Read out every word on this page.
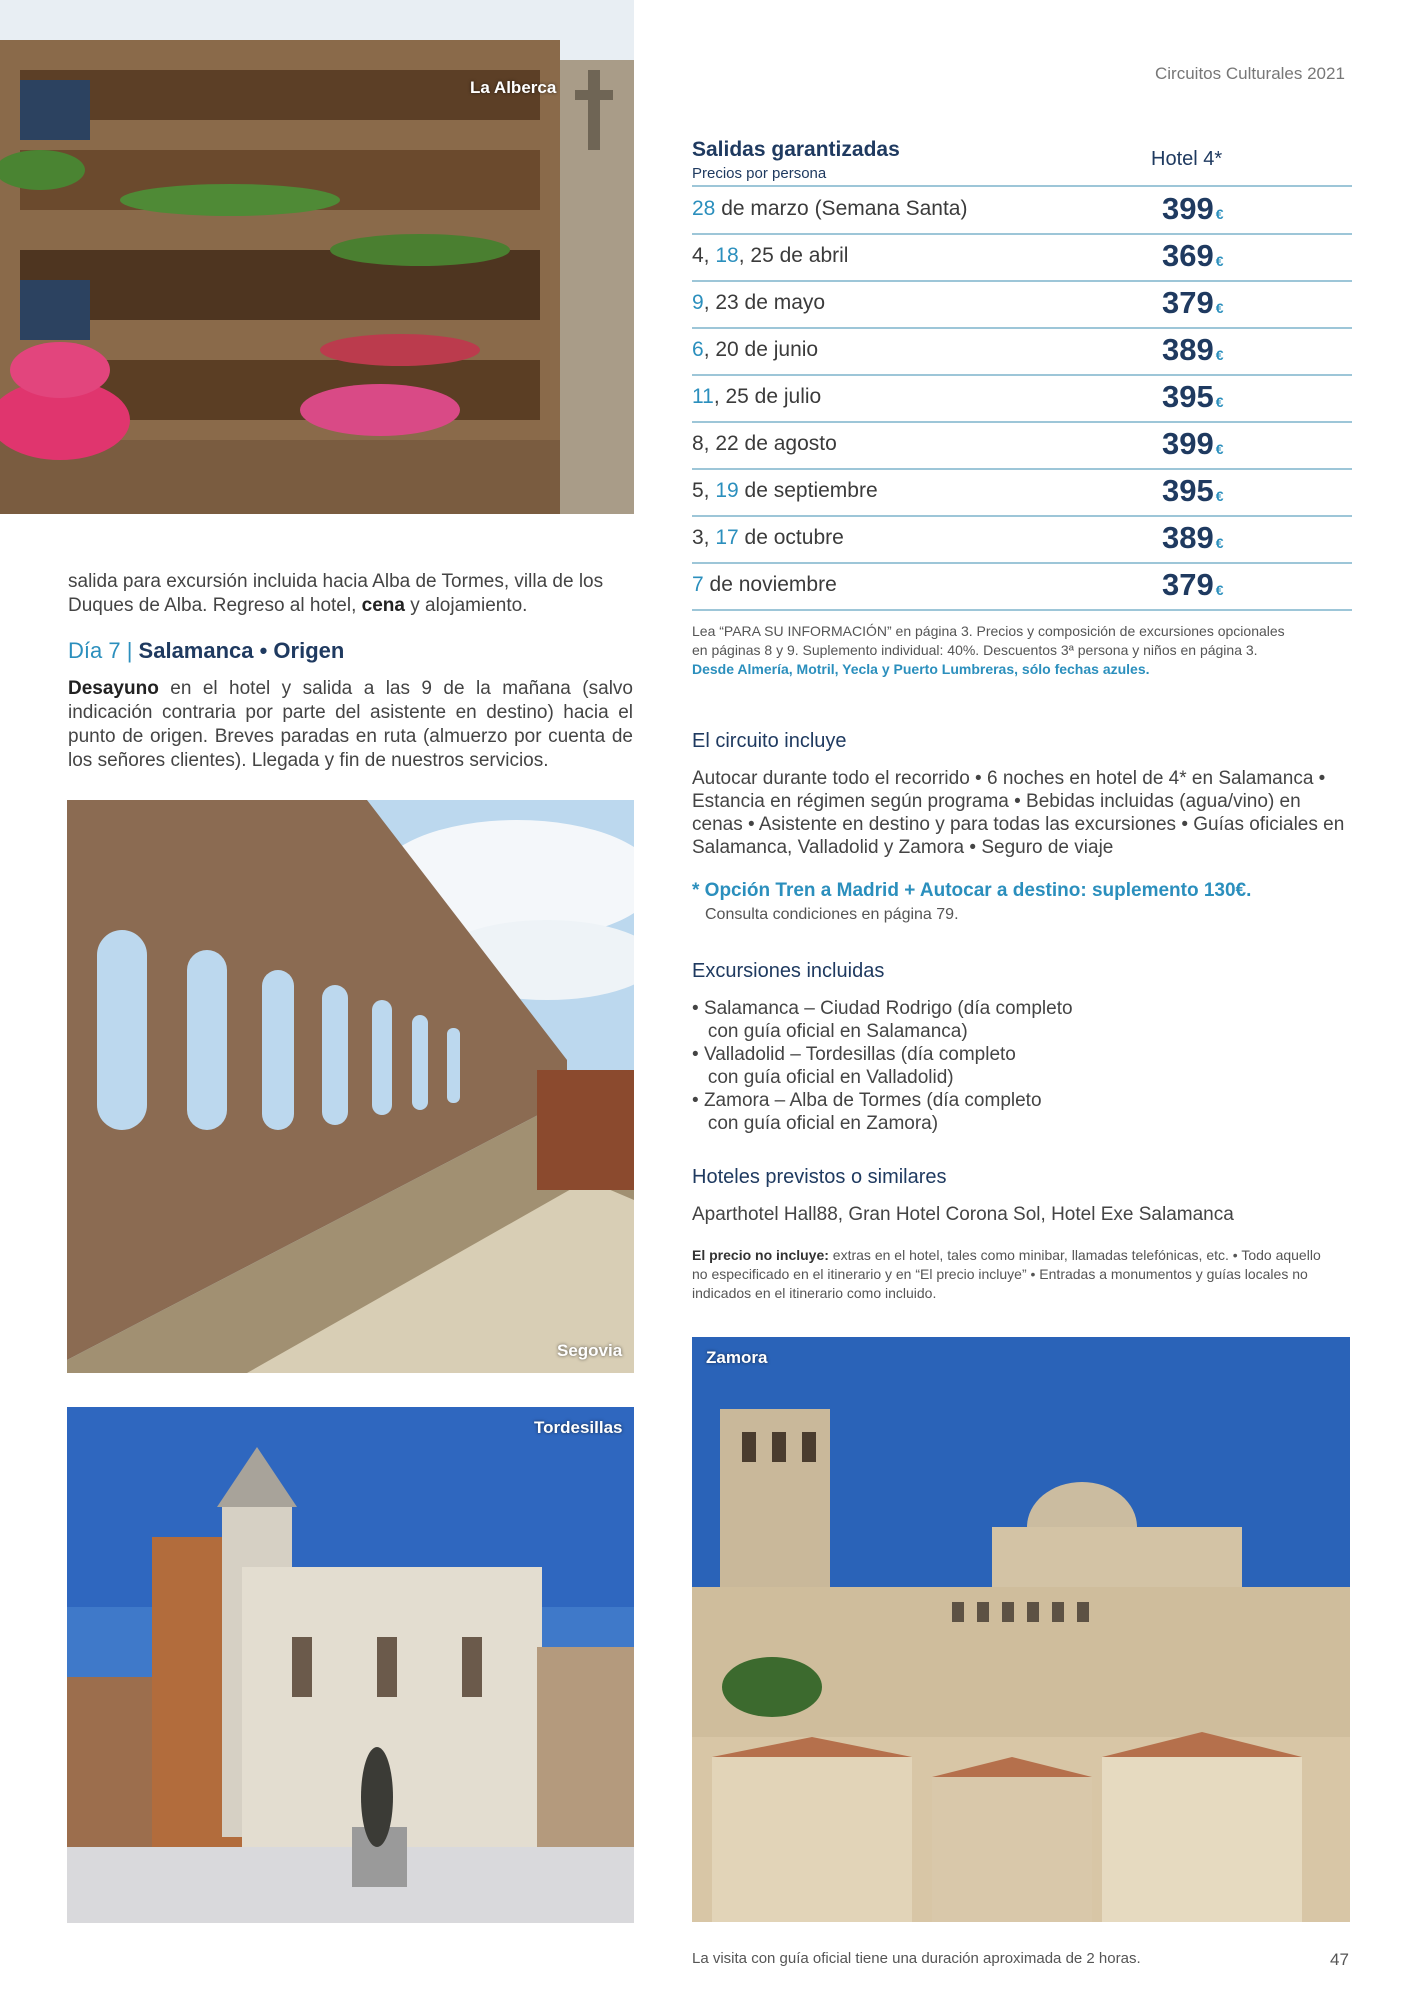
La Alberca
Circuitos Culturales 2021
salida para excursión incluida hacia Alba de Tormes, villa de los
Duques de Alba. Regreso al hotel, cena y alojamiento.
Día 7 | Salamanca • Origen
Desayuno en el hotel y salida a las 9 de la mañana (salvo indicación contraria por parte del asistente en destino) hacia el punto de origen. Breves paradas en ruta (almuerzo por cuenta de los señores clientes). Llegada y fin de nuestros servicios.
Segovia
Tordesillas
Salidas garantizadas
Precios por persona
Hotel 4*
28 de marzo (Semana Santa)	399 €
4, 18, 25 de abril	369 €
9, 23 de mayo	379 €
6, 20 de junio	389 €
11, 25 de julio	395 €
8, 22 de agosto	399 €
5, 19 de septiembre	395 €
3, 17 de octubre	389 €
7 de noviembre	379 €
Lea “PARA SU INFORMACIÓN” en página 3. Precios y composición de excursiones opcionales en páginas 8 y 9. Suplemento individual: 40%. Descuentos 3ª persona y niños en página 3. Desde Almería, Motril, Yecla y Puerto Lumbreras, sólo fechas azules.
El circuito incluye
Autocar durante todo el recorrido • 6 noches en hotel de 4* en Salamanca • Estancia en régimen según programa • Bebidas incluidas (agua/vino) en cenas • Asistente en destino y para todas las excursiones • Guías oficiales en Salamanca, Valladolid y Zamora • Seguro de viaje
* Opción Tren a Madrid + Autocar a destino: suplemento 130€.
Consulta condiciones en página 79.
Excursiones incluidas
• Salamanca – Ciudad Rodrigo (día completo
con guía oficial en Salamanca)
• Valladolid – Tordesillas (día completo
con guía oficial en Valladolid)
• Zamora – Alba de Tormes (día completo
con guía oficial en Zamora)
Hoteles previstos o similares
Aparthotel Hall88, Gran Hotel Corona Sol, Hotel Exe Salamanca
El precio no incluye: extras en el hotel, tales como minibar, llamadas telefónicas, etc. • Todo aquello no especificado en el itinerario y en “El precio incluye” • Entradas a monumentos y guías locales no indicados en el itinerario como incluido.
Zamora
La visita con guía oficial tiene una duración aproximada de 2 horas.	47
